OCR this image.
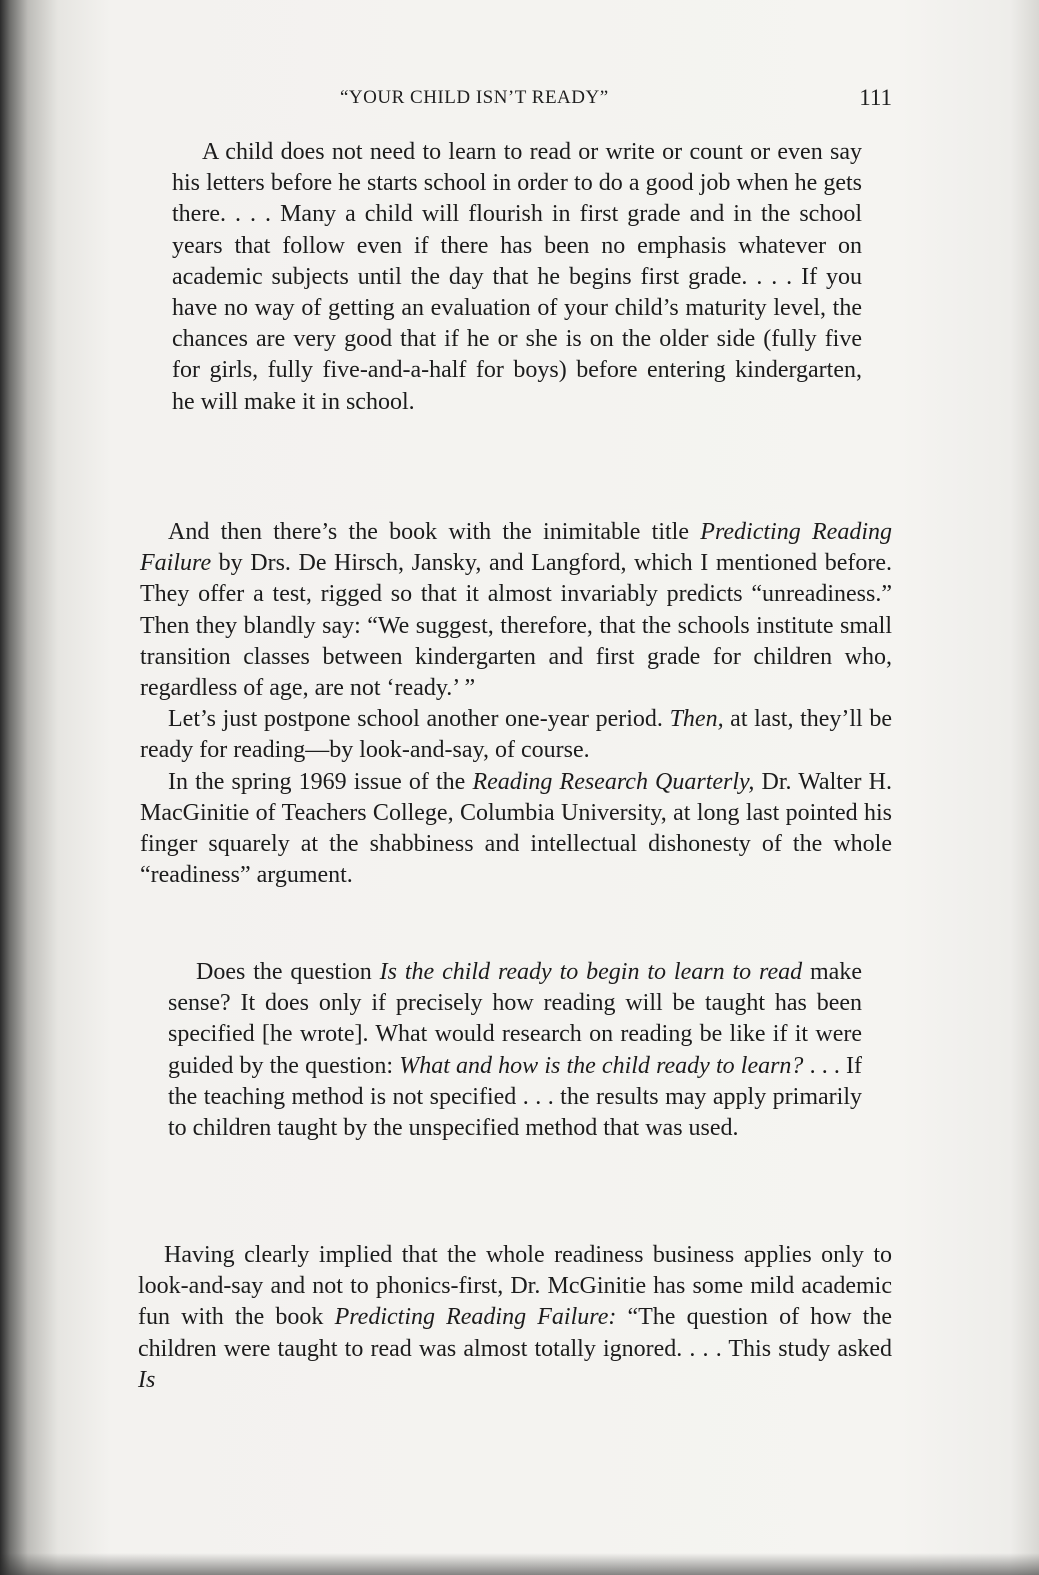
“YOUR CHILD ISN’T READY”	111

A child does not need to learn to read or write or count or even say his letters before he starts school in order to do a good job when he gets there. . . . Many a child will flourish in first grade and in the school years that follow even if there has been no emphasis whatever on academic subjects until the day that he begins first grade. . . . If you have no way of getting an evaluation of your child’s maturity level, the chances are very good that if he or she is on the older side (fully five for girls, fully five-and-a-half for boys) before entering kindergarten, he will make it in school.

And then there’s the book with the inimitable title Predicting Reading Failure by Drs. De Hirsch, Jansky, and Langford, which I mentioned before. They offer a test, rigged so that it almost invariably predicts “unreadiness.” Then they blandly say: “We suggest, therefore, that the schools institute small transition classes between kindergarten and first grade for children who, regardless of age, are not ‘ready.’ ”

Let’s just postpone school another one-year period. Then, at last, they’ll be ready for reading—by look-and-say, of course.

In the spring 1969 issue of the Reading Research Quarterly, Dr. Walter H. MacGinitie of Teachers College, Columbia University, at long last pointed his finger squarely at the shabbiness and intellectual dishonesty of the whole “readiness” argument.

Does the question Is the child ready to begin to learn to read make sense? It does only if precisely how reading will be taught has been specified [he wrote]. What would research on reading be like if it were guided by the question: What and how is the child ready to learn? . . . If the teaching method is not specified . . . the results may apply primarily to children taught by the unspecified method that was used.

Having clearly implied that the whole readiness business applies only to look-and-say and not to phonics-first, Dr. McGinitie has some mild academic fun with the book Predicting Reading Failure: “The question of how the children were taught to read was almost totally ignored. . . . This study asked Is
